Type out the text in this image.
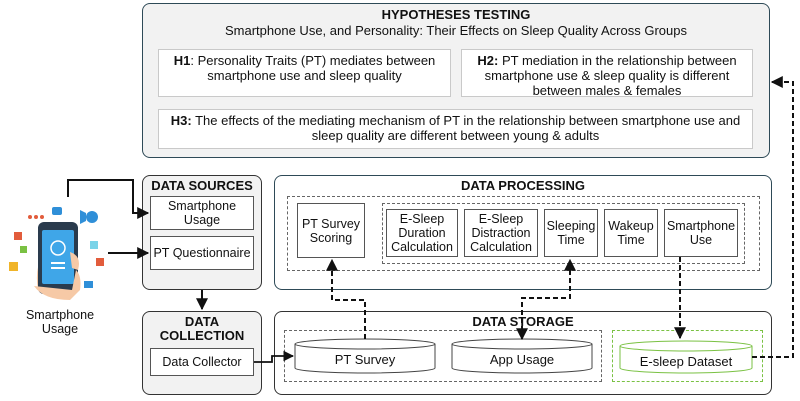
HYPOTHESES TESTING
Smartphone Use, and Personality: Their Effects on Sleep Quality Across Groups
H1: Personality Traits (PT) mediates between smartphone use and sleep quality
H2: PT mediation in the relationship between smartphone use & sleep quality is different between males & females
H3: The effects of the mediating mechanism of PT in the relationship between smartphone use and sleep quality are different between young & adults
DATA SOURCES
Smartphone Usage
PT Questionnaire
DATA COLLECTION
Data Collector
DATA PROCESSING
PT Survey Scoring
E-Sleep Duration Calculation
E-Sleep Distraction Calculation
Sleeping Time
Wakeup Time
Smartphone Use
DATA STORAGE
PT Survey	App Usage	E-sleep Dataset
Smartphone Usage
